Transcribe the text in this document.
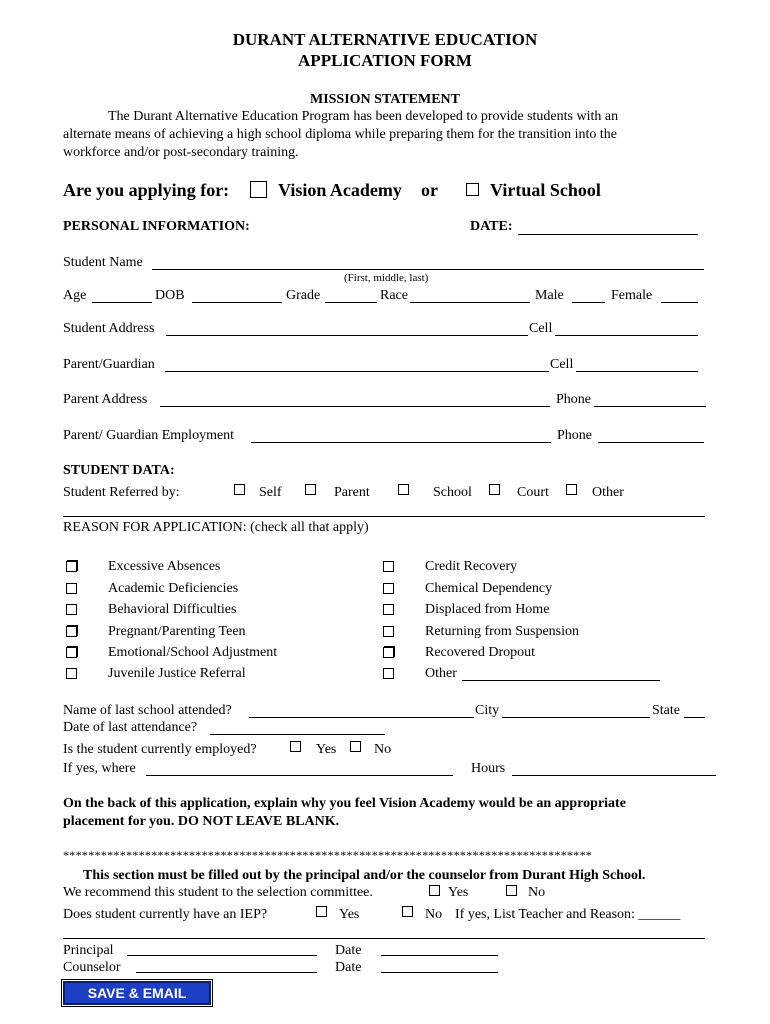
DURANT ALTERNATIVE EDUCATION
APPLICATION FORM
MISSION STATEMENT
The Durant Alternative Education Program has been developed to provide students with an
alternate means of achieving a high school diploma while preparing them for the transition into the
workforce and/or post-secondary training.
Are you applying for:	Vision Academy or	Virtual School
PERSONAL INFORMATION:	DATE:
Student Name
(First, middle, last)
Age	DOB	Grade	Race	Male	Female
Student Address	Cell
Parent/Guardian	Cell
Parent Address	Phone
Parent/ Guardian Employment	Phone
STUDENT DATA:
Student Referred by:	Self	Parent	School	Court	Other
REASON FOR APPLICATION: (check all that apply)
Excessive Absences
Academic Deficiencies
Behavioral Difficulties
Pregnant/Parenting Teen
Emotional/School Adjustment
Juvenile Justice Referral
Credit Recovery
Chemical Dependency
Displaced from Home
Returning from Suspension
Recovered Dropout
Other
Name of last school attended?	City	State
Date of last attendance?
Is the student currently employed?	Yes	No
If yes, where	Hours
On the back of this application, explain why you feel Vision Academy would be an appropriate
placement for you. DO NOT LEAVE BLANK.
************************************************************************************
This section must be filled out by the principal and/or the counselor from Durant High School.
We recommend this student to the selection committee.	Yes	No
Does student currently have an IEP?	Yes	No If yes, List Teacher and Reason: ______
Principal	Date
Counselor	Date
SAVE & EMAIL
